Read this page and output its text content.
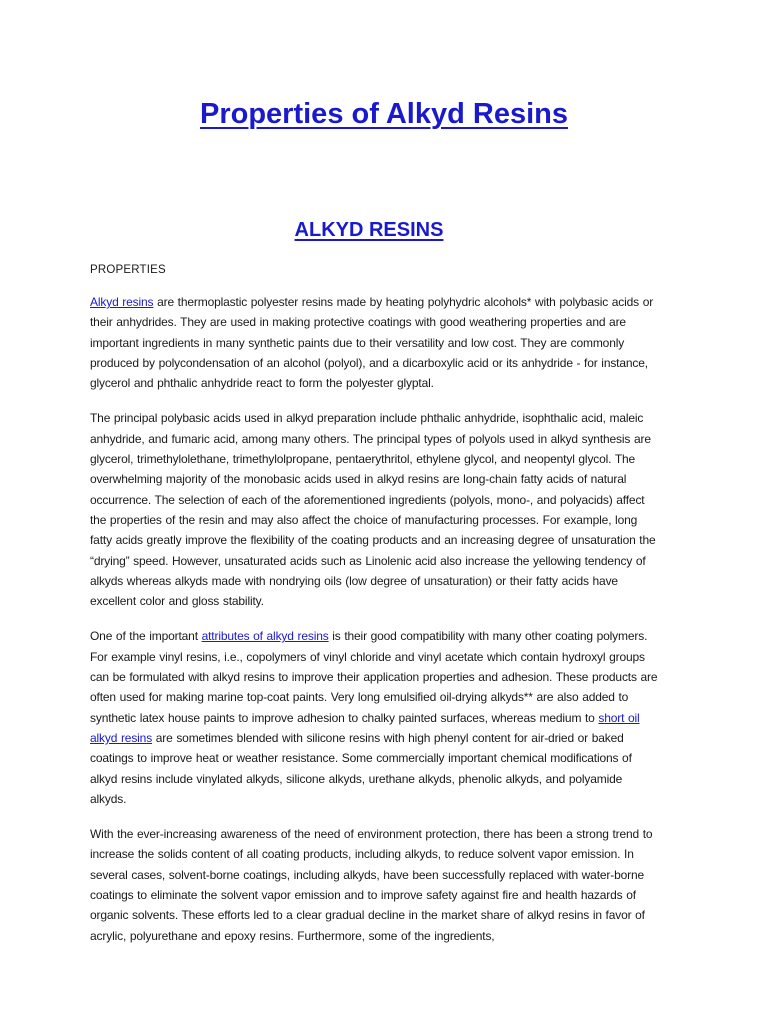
Properties of Alkyd Resins
ALKYD RESINS
PROPERTIES

Alkyd resins are thermoplastic polyester resins made by heating polyhydric alcohols* with polybasic acids or their anhydrides. They are used in making protective coatings with good weathering properties and are important ingredients in many synthetic paints due to their versatility and low cost. They are commonly produced by polycondensation of an alcohol (polyol), and a dicarboxylic acid or its anhydride - for instance, glycerol and phthalic anhydride react to form the polyester glyptal.

The principal polybasic acids used in alkyd preparation include phthalic anhydride, isophthalic acid, maleic anhydride, and fumaric acid, among many others. The principal types of polyols used in alkyd synthesis are glycerol, trimethylolethane, trimethylolpropane, pentaerythritol, ethylene glycol, and neopentyl glycol. The overwhelming majority of the monobasic acids used in alkyd resins are long-chain fatty acids of natural occurrence. The selection of each of the aforementioned ingredients (polyols, mono-, and polyacids) affect the properties of the resin and may also affect the choice of manufacturing processes. For example, long fatty acids greatly improve the flexibility of the coating products and an increasing degree of unsaturation the “drying” speed. However, unsaturated acids such as Linolenic acid also increase the yellowing tendency of alkyds whereas alkyds made with nondrying oils (low degree of unsaturation) or their fatty acids have excellent color and gloss stability.

One of the important attributes of alkyd resins is their good compatibility with many other coating polymers. For example vinyl resins, i.e., copolymers of vinyl chloride and vinyl acetate which contain hydroxyl groups can be formulated with alkyd resins to improve their application properties and adhesion. These products are often used for making marine top-coat paints. Very long emulsified oil-drying alkyds** are also added to synthetic latex house paints to improve adhesion to chalky painted surfaces, whereas medium to short oil alkyd resins are sometimes blended with silicone resins with high phenyl content for air-dried or baked coatings to improve heat or weather resistance. Some commercially important chemical modifications of alkyd resins include vinylated alkyds, silicone alkyds, urethane alkyds, phenolic alkyds, and polyamide alkyds.

With the ever-increasing awareness of the need of environment protection, there has been a strong trend to increase the solids content of all coating products, including alkyds, to reduce solvent vapor emission. In several cases, solvent-borne coatings, including alkyds, have been successfully replaced with water-borne coatings to eliminate the solvent vapor emission and to improve safety against fire and health hazards of organic solvents. These efforts led to a clear gradual decline in the market share of alkyd resins in favor of acrylic, polyurethane and epoxy resins. Furthermore, some of the ingredients,
